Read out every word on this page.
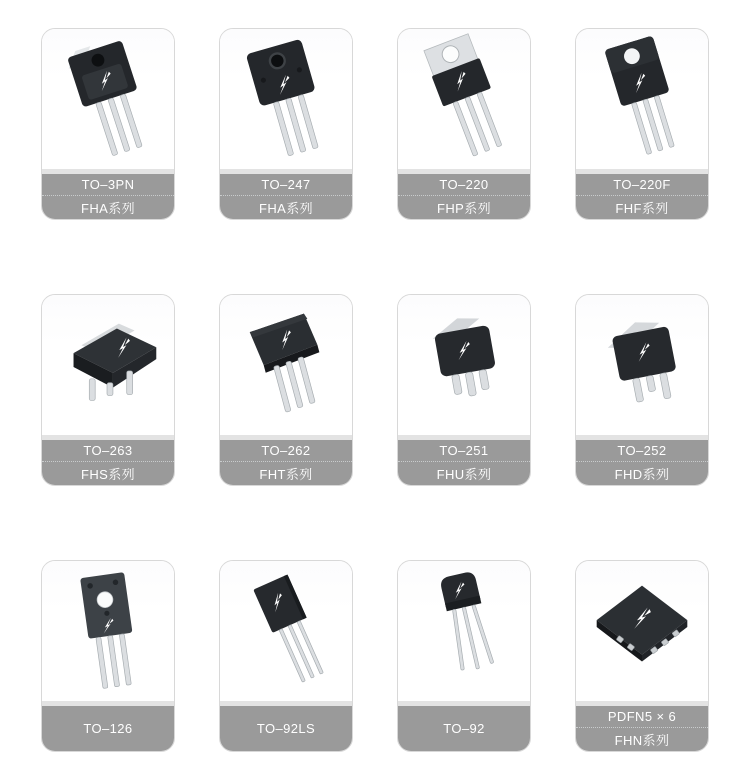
TO–3PN
FHA系列
TO–247
FHA系列
TO–220
FHP系列
TO–220F
FHF系列
TO–263
FHS系列
TO–262
FHT系列
TO–251
FHU系列
TO–252
FHD系列
TO–126	TO–92LS	TO–92
PDFN5 × 6
FHN系列
